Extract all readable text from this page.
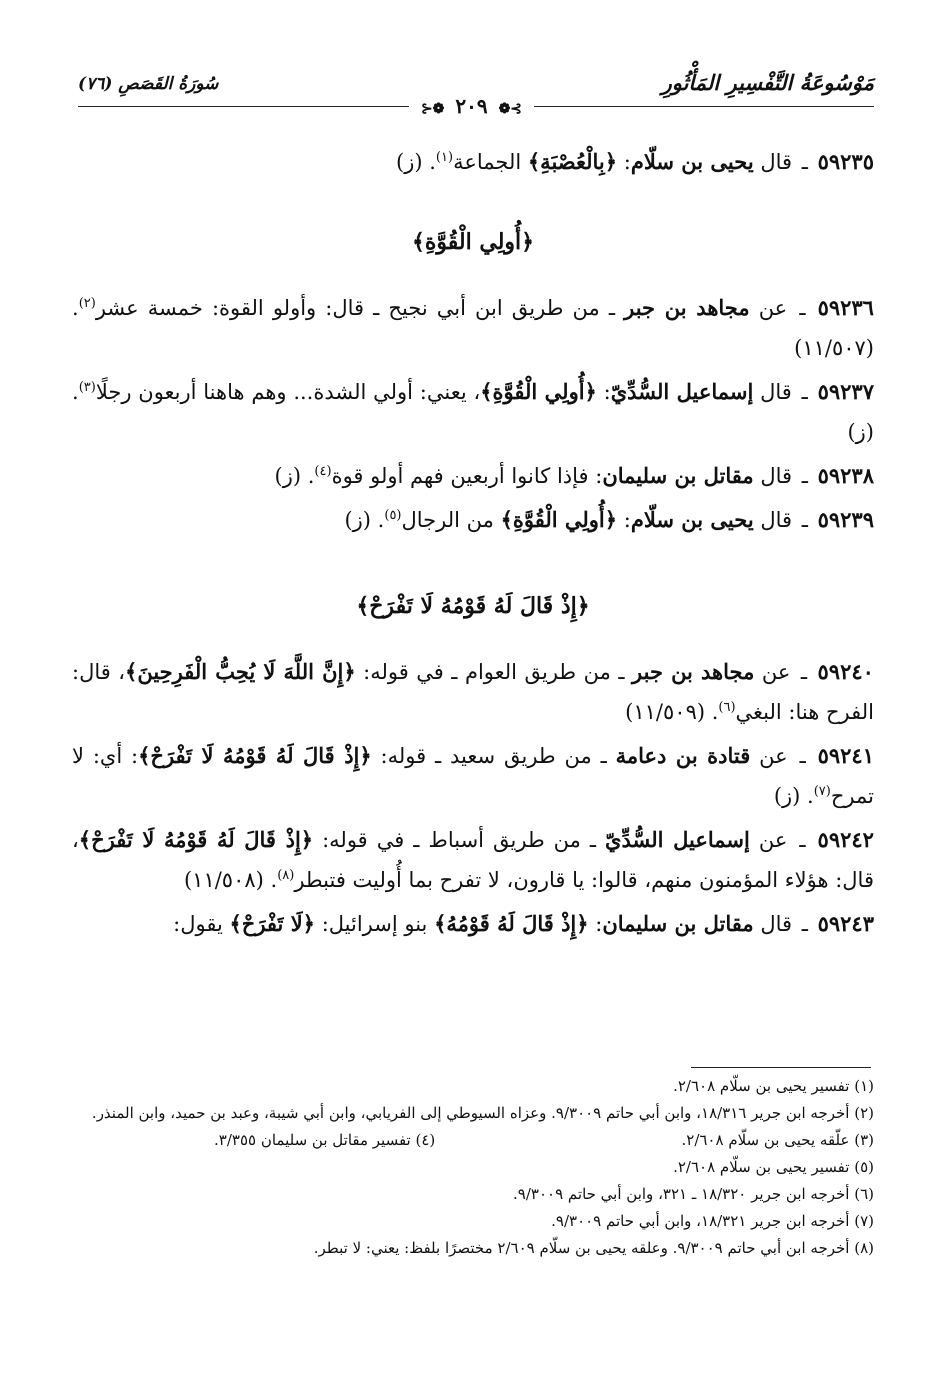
مَوْسُوعَةُ التَّفْسِيرِ المَأْثُورِ
سُورَةُ القَصَصِ (٧٦)
⊱❁ ٢٠٩ ❁⊰

٥٩٢٣٥ ـ قال يحيى بن سلّام: ﴿بِالْعُصْبَةِ﴾ الجماعة$^{(١)}$. (ز)

﴿أُولِي الْقُوَّةِ﴾

٥٩٢٣٦ ـ عن مجاهد بن جبر ـ من طريق ابن أبي نجيح ـ قال: وأولو القوة: خمسة عشر$^{(٢)}$. (١١/٥٠٧)

٥٩٢٣٧ ـ قال إسماعيل السُّدِّيّ: ﴿أُولِي الْقُوَّةِ﴾، يعني: أولي الشدة... وهم هاهنا أربعون رجلًا$^{(٣)}$. (ز)

٥٩٢٣٨ ـ قال مقاتل بن سليمان: فإذا كانوا أربعين فهم أولو قوة$^{(٤)}$. (ز)

٥٩٢٣٩ ـ قال يحيى بن سلّام: ﴿أُولِي الْقُوَّةِ﴾ من الرجال$^{(٥)}$. (ز)

﴿إِذْ قَالَ لَهُ قَوْمُهُ لَا تَفْرَحْ﴾

٥٩٢٤٠ ـ عن مجاهد بن جبر ـ من طريق العوام ـ في قوله: ﴿إِنَّ اللَّهَ لَا يُحِبُّ الْفَرِحِينَ﴾، قال: الفرح هنا: البغي$^{(٦)}$. (١١/٥٠٩)

٥٩٢٤١ ـ عن قتادة بن دعامة ـ من طريق سعيد ـ قوله: ﴿إِذْ قَالَ لَهُ قَوْمُهُ لَا تَفْرَحْ﴾: أي: لا تمرح$^{(٧)}$. (ز)

٥٩٢٤٢ ـ عن إسماعيل السُّدِّيّ ـ من طريق أسباط ـ في قوله: ﴿إِذْ قَالَ لَهُ قَوْمُهُ لَا تَفْرَحْ﴾، قال: هؤلاء المؤمنون منهم، قالوا: يا قارون، لا تفرح بما أُوليت فتبطر$^{(٨)}$. (١١/٥٠٨)

٥٩٢٤٣ ـ قال مقاتل بن سليمان: ﴿إِذْ قَالَ لَهُ قَوْمُهُ﴾ بنو إسرائيل: ﴿لَا تَفْرَحْ﴾ يقول:

(١) تفسير يحيى بن سلّام ٢/٦٠٨.

(٢) أخرجه ابن جرير ١٨/٣١٦، وابن أبي حاتم ٩/٣٠٠٩. وعزاه السيوطي إلى الفريابي، وابن أبي شيبة، وعبد بن حميد، وابن المنذر.

(٣) علّقه يحيى بن سلّام ٢/٦٠٨.

(٤) تفسير مقاتل بن سليمان ٣/٣٥٥.

(٥) تفسير يحيى بن سلّام ٢/٦٠٨.

(٦) أخرجه ابن جرير ١٨/٣٢٠ ـ ٣٢١، وابن أبي حاتم ٩/٣٠٠٩.

(٧) أخرجه ابن جرير ١٨/٣٢١، وابن أبي حاتم ٩/٣٠٠٩.

(٨) أخرجه ابن أبي حاتم ٩/٣٠٠٩. وعلقه يحيى بن سلّام ٢/٦٠٩ مختصرًا بلفظ: يعني: لا تبطر.
